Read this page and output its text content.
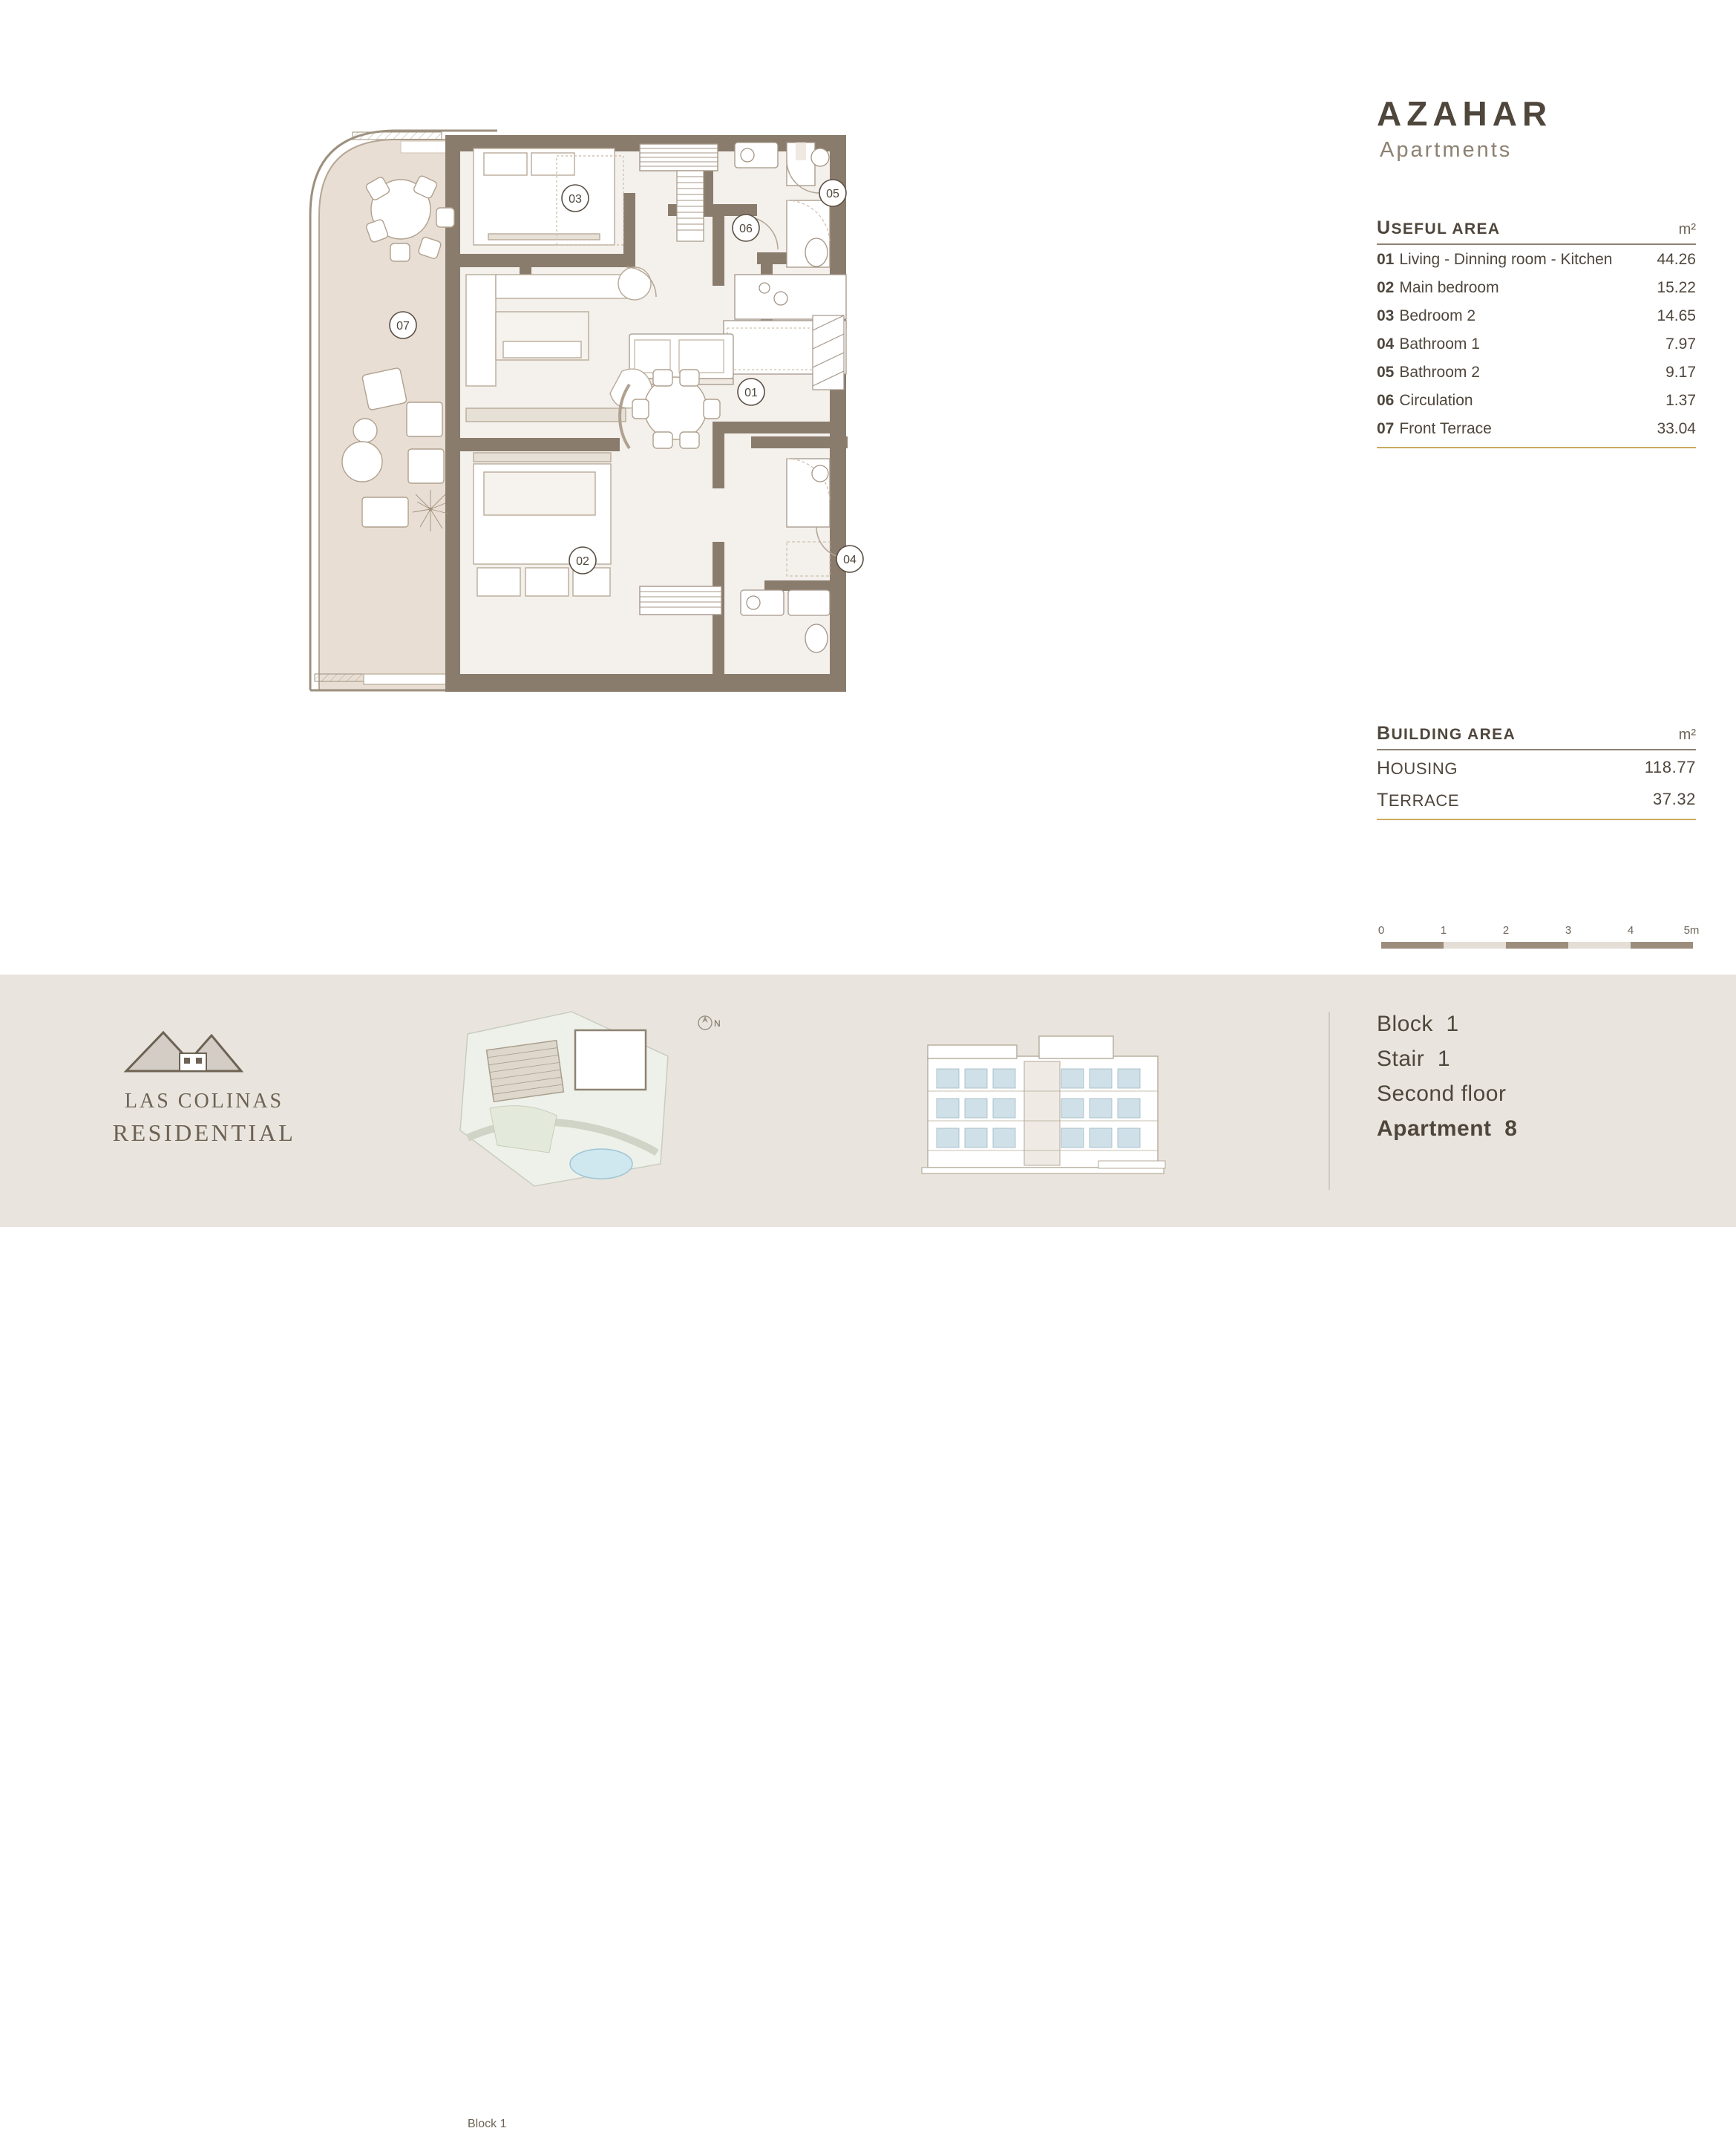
01
02
03
04
05
06
07
AZAHAR
Apartments
USEFUL AREA	m²
01 Living - Dinning room - Kitchen	44.26
02 Main bedroom	15.22
03 Bedroom 2	14.65
04 Bathroom 1	7.97
05 Bathroom 2	9.17
06 Circulation	1.37
07 Front Terrace	33.04
BUILDING AREA	m²
HOUSING	118.77
TERRACE	37.32
0	1	2	3	4	5m
LAS COLINAS
RESIDENTIAL
N
Block 1
Block 1
Stair 1
Second floor
Apartment 8
